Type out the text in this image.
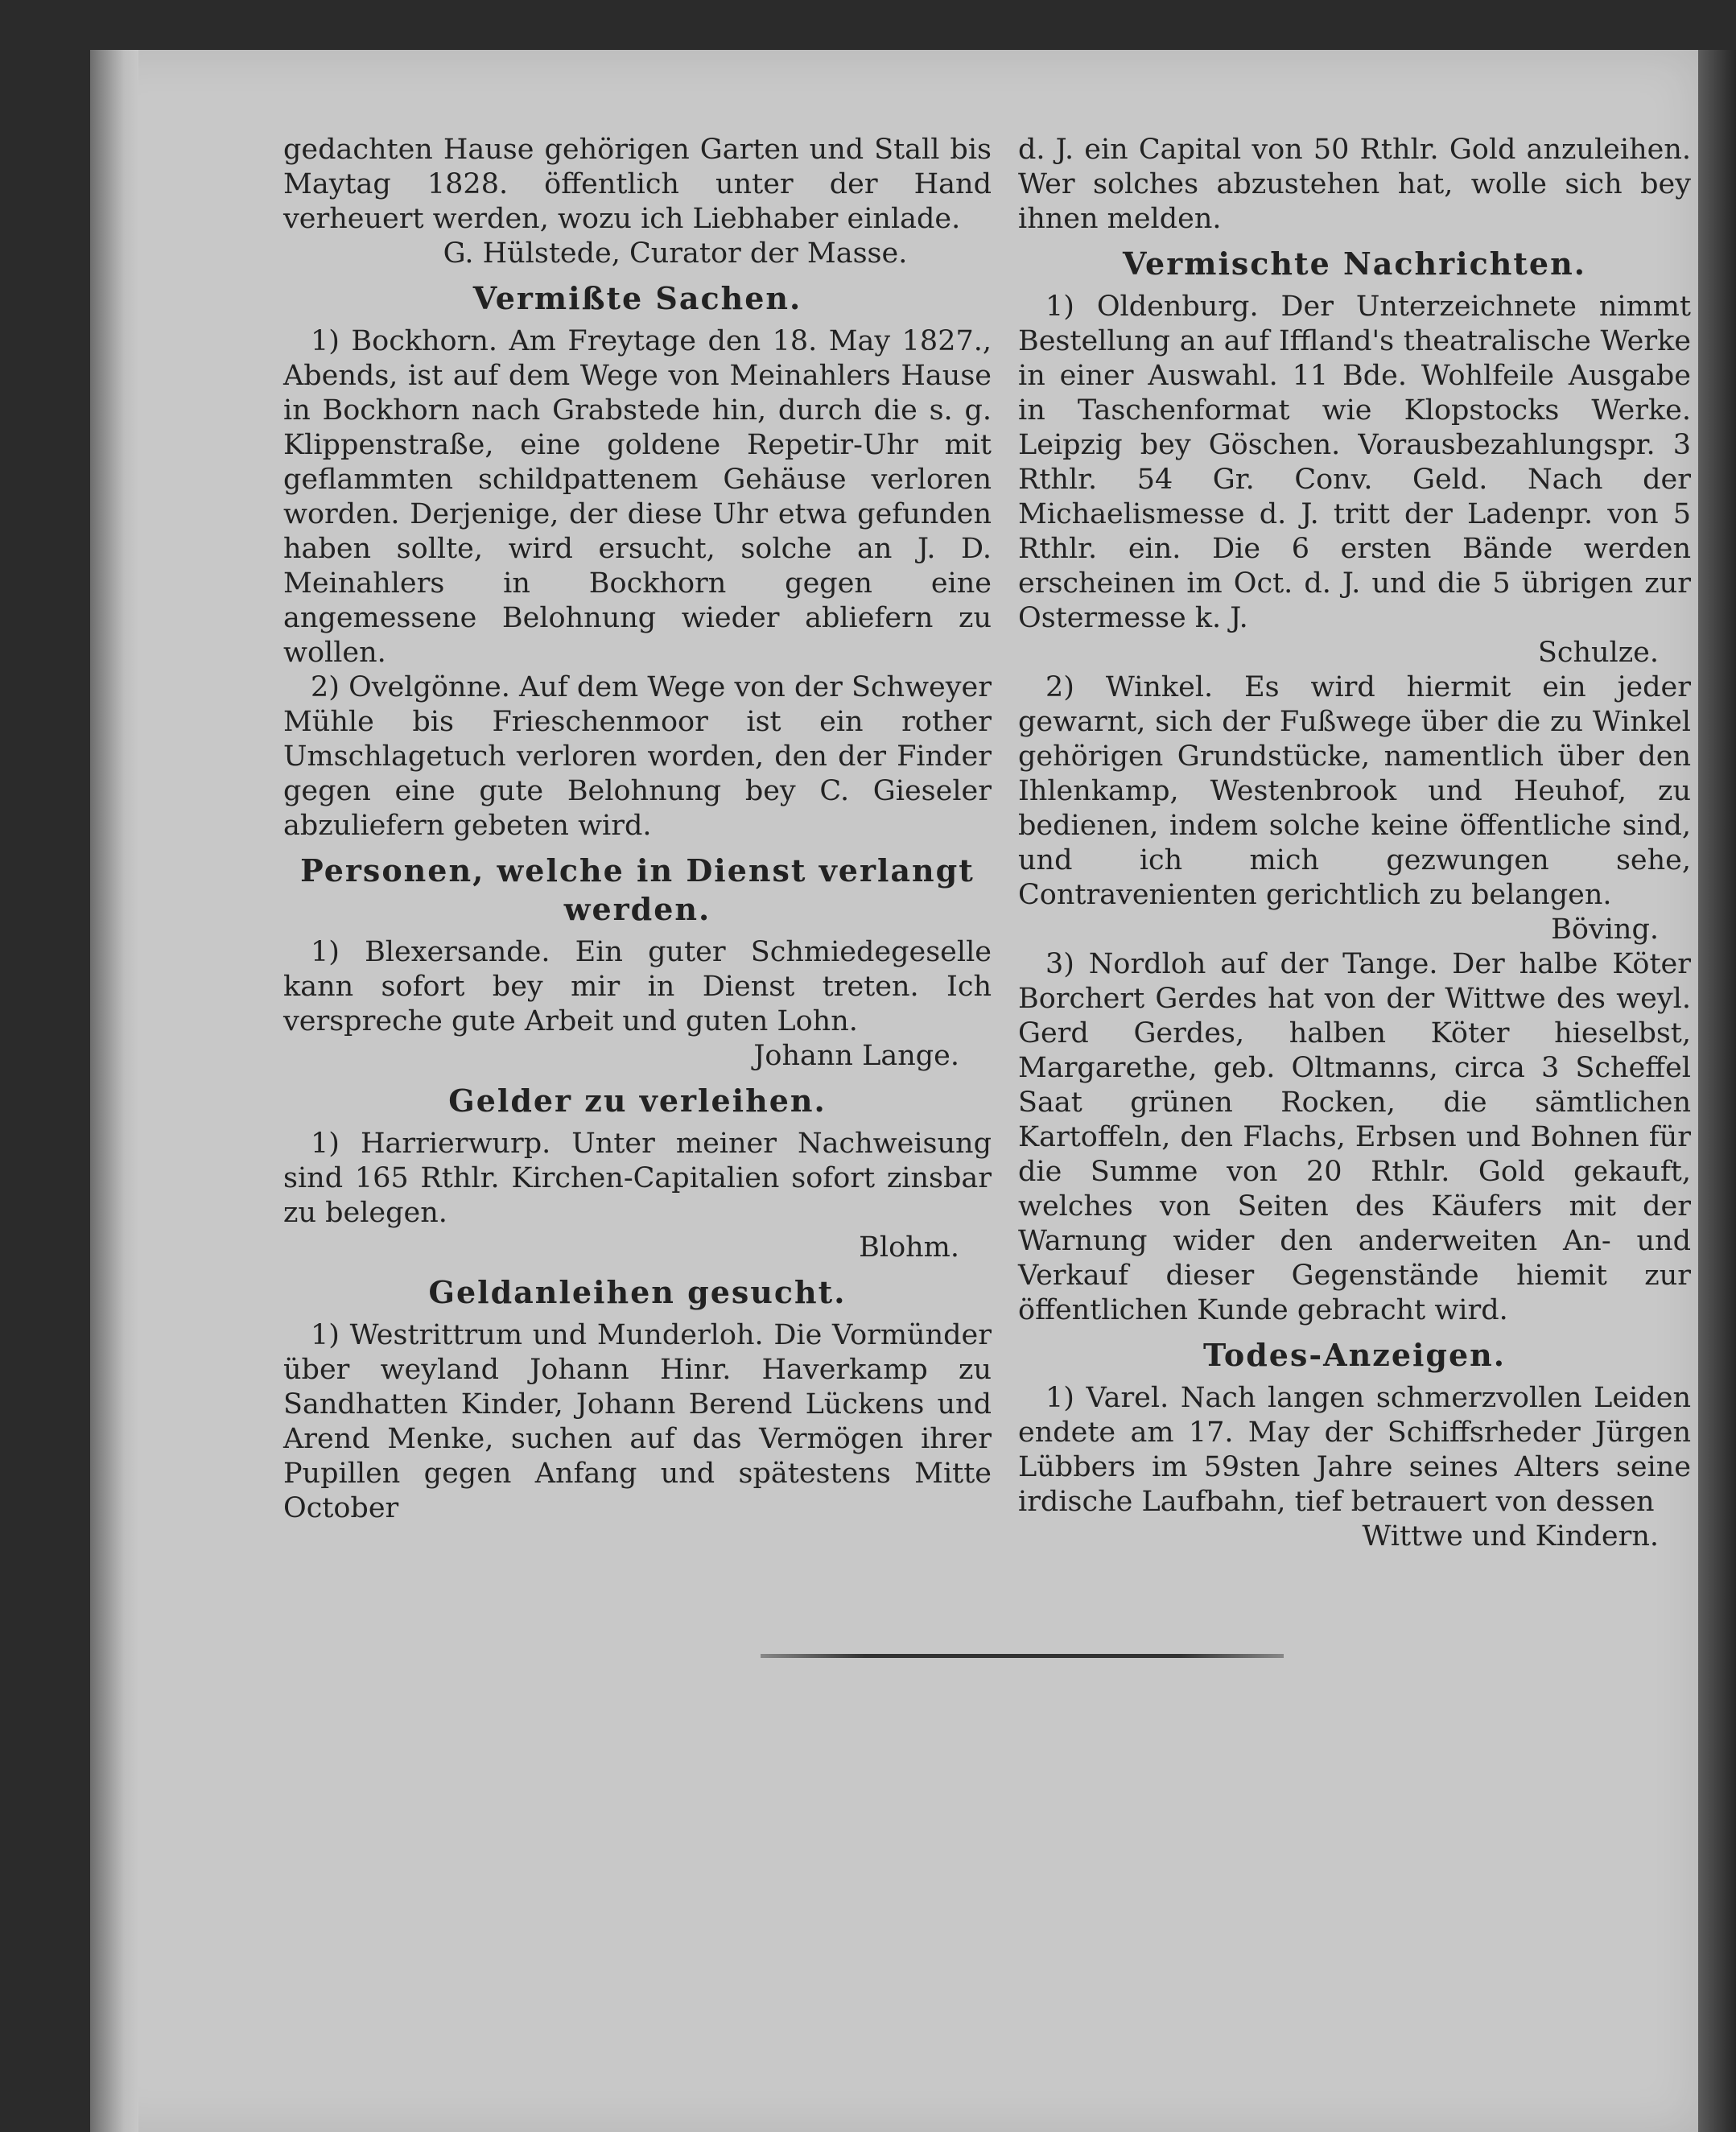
gedachten Hause gehörigen Garten und Stall bis Maytag 1828. öffentlich unter der Hand verheuert werden, wozu ich Liebhaber einlade.

G. Hülstede, Curator der Masse.

Vermißte Sachen.

1) Bockhorn. Am Freytage den 18. May 1827., Abends, ist auf dem Wege von Meinahlers Hause in Bockhorn nach Grabstede hin, durch die s. g. Klippenstraße, eine goldene Repetir-Uhr mit geflammten schildpattenem Gehäuse verloren worden. Derjenige, der diese Uhr etwa gefunden haben sollte, wird ersucht, solche an J. D. Meinahlers in Bockhorn gegen eine angemessene Belohnung wieder abliefern zu wollen.

2) Ovelgönne. Auf dem Wege von der Schweyer Mühle bis Frieschenmoor ist ein rother Umschlagetuch verloren worden, den der Finder gegen eine gute Belohnung bey C. Gieseler abzuliefern gebeten wird.

Personen, welche in Dienst verlangt werden.

1) Blexersande. Ein guter Schmiedegeselle kann sofort bey mir in Dienst treten. Ich verspreche gute Arbeit und guten Lohn.

Johann Lange.

Gelder zu verleihen.

1) Harrierwurp. Unter meiner Nachweisung sind 165 Rthlr. Kirchen-Capitalien sofort zinsbar zu belegen.

Blohm.

Geldanleihen gesucht.

1) Westrittrum und Munderloh. Die Vormünder über weyland Johann Hinr. Haverkamp zu Sandhatten Kinder, Johann Berend Lückens und Arend Menke, suchen auf das Vermögen ihrer Pupillen gegen Anfang und spätestens Mitte October

d. J. ein Capital von 50 Rthlr. Gold anzuleihen. Wer solches abzustehen hat, wolle sich bey ihnen melden.

Vermischte Nachrichten.

1) Oldenburg. Der Unterzeichnete nimmt Bestellung an auf Iffland's theatralische Werke in einer Auswahl. 11 Bde. Wohlfeile Ausgabe in Taschenformat wie Klopstocks Werke. Leipzig bey Göschen. Vorausbezahlungspr. 3 Rthlr. 54 Gr. Conv. Geld. Nach der Michaelismesse d. J. tritt der Ladenpr. von 5 Rthlr. ein. Die 6 ersten Bände werden erscheinen im Oct. d. J. und die 5 übrigen zur Ostermesse k. J.

Schulze.

2) Winkel. Es wird hiermit ein jeder gewarnt, sich der Fußwege über die zu Winkel gehörigen Grundstücke, namentlich über den Ihlenkamp, Westenbrook und Heuhof, zu bedienen, indem solche keine öffentliche sind, und ich mich gezwungen sehe, Contravenienten gerichtlich zu belangen.

Böving.

3) Nordloh auf der Tange. Der halbe Köter Borchert Gerdes hat von der Wittwe des weyl. Gerd Gerdes, halben Köter hieselbst, Margarethe, geb. Oltmanns, circa 3 Scheffel Saat grünen Rocken, die sämtlichen Kartoffeln, den Flachs, Erbsen und Bohnen für die Summe von 20 Rthlr. Gold gekauft, welches von Seiten des Käufers mit der Warnung wider den anderweiten An- und Verkauf dieser Gegenstände hiemit zur öffentlichen Kunde gebracht wird.

Todes-Anzeigen.

1) Varel. Nach langen schmerzvollen Leiden endete am 17. May der Schiffsrheder Jürgen Lübbers im 59sten Jahre seines Alters seine irdische Laufbahn, tief betrauert von dessen

Wittwe und Kindern.
